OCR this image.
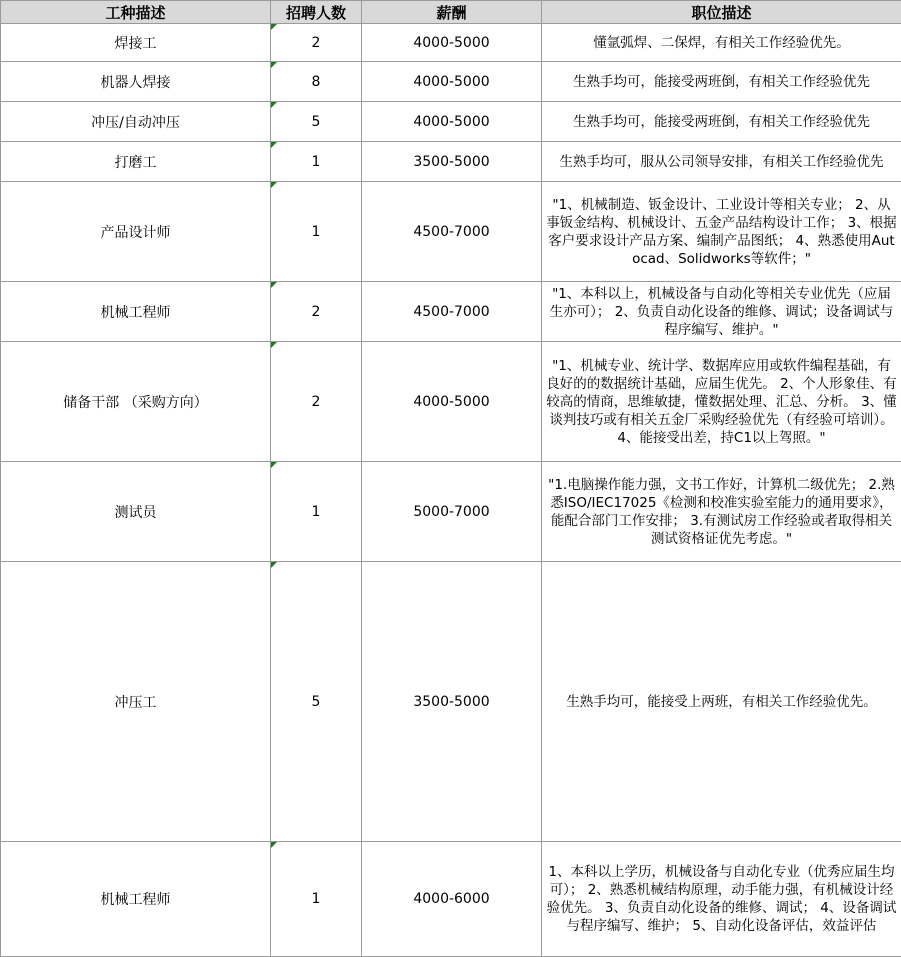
工种描述	招聘人数	薪酬	职位描述
焊接工	2	4000-5000	懂氩弧焊、二保焊，有相关工作经验优先。
机器人焊接	8	4000-5000	生熟手均可，能接受两班倒，有相关工作经验优先
冲压/自动冲压	5	4000-5000	生熟手均可，能接受两班倒，有相关工作经验优先
打磨工	1	3500-5000	生熟手均可，服从公司领导安排，有相关工作经验优先
产品设计师	1	4500-7000	"1、机械制造、钣金设计、工业设计等相关专业； 2、从事钣金结构、机械设计、五金产品结构设计工作； 3、根据客户要求设计产品方案、编制产品图纸； 4、熟悉使用Autocad、Solidworks等软件；"
机械工程师	2	4500-7000	"1、本科以上，机械设备与自动化等相关专业优先（应届生亦可）； 2、负责自动化设备的维修、调试；设备调试与程序编写、维护。"
储备干部 （采购方向）	2	4000-5000	"1、机械专业、统计学、数据库应用或软件编程基础，有良好的的数据统计基础，应届生优先。 2、个人形象佳、有较高的情商，思维敏捷，懂数据处理、汇总、分析。 3、懂谈判技巧或有相关五金厂采购经验优先（有经验可培训）。 4、能接受出差，持C1以上驾照。"
测试员	1	5000-7000	"1.电脑操作能力强，文书工作好，计算机二级优先； 2.熟悉ISO/IEC17025《检测和校准实验室能力的通用要求》，能配合部门工作安排； 3.有测试房工作经验或者取得相关测试资格证优先考虑。"
冲压工	5	3500-5000	生熟手均可，能接受上两班，有相关工作经验优先。
机械工程师	1	4000-6000	1、本科以上学历，机械设备与自动化专业（优秀应届生均可）； 2、熟悉机械结构原理，动手能力强，有机械设计经验优先。 3、负责自动化设备的维修、调试； 4、设备调试与程序编写、维护； 5、自动化设备评估，效益评估
